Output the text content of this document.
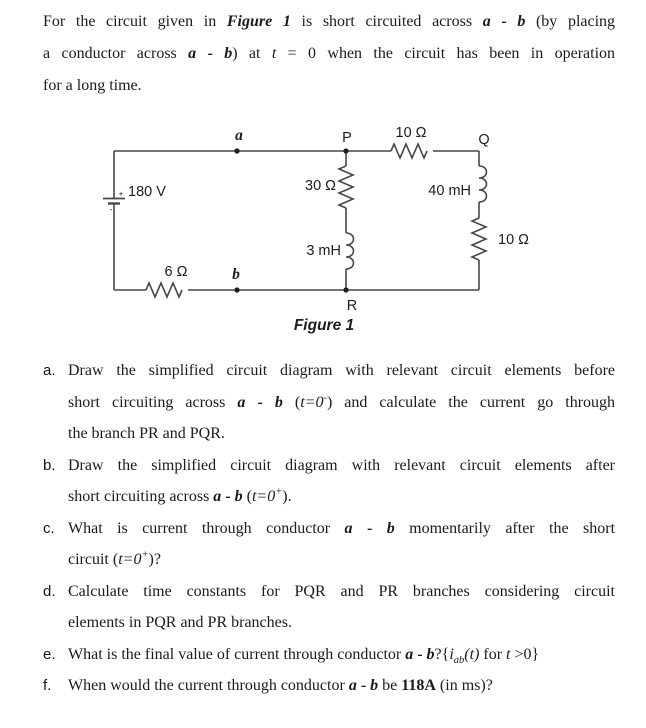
180 V
+
-
10 Ω
30 Ω
10 Ω
6 Ω
40 mH
3 mH
a
b
P	Q
R
Figure 1
For the circuit given in Figure 1 is short circuited across a - b (by placing
a conductor across a - b) at t = 0 when the circuit has been in operation
for a long time.
a. Draw the simplified circuit diagram with relevant circuit elements before
short circuiting across a - b (t=0-) and calculate the current go through
the branch PR and PQR.
b. Draw the simplified circuit diagram with relevant circuit elements after
short circuiting across a - b (t=0+).
c. What is current through conductor a - b momentarily after the short
circuit (t=0+)?
d. Calculate time constants for PQR and PR branches considering circuit
elements in PQR and PR branches.
e. What is the final value of current through conductor a - $b?\{i_{ab}(t)$ for t >0}
f. When would the current through conductor a - b be 118A (in ms)?
